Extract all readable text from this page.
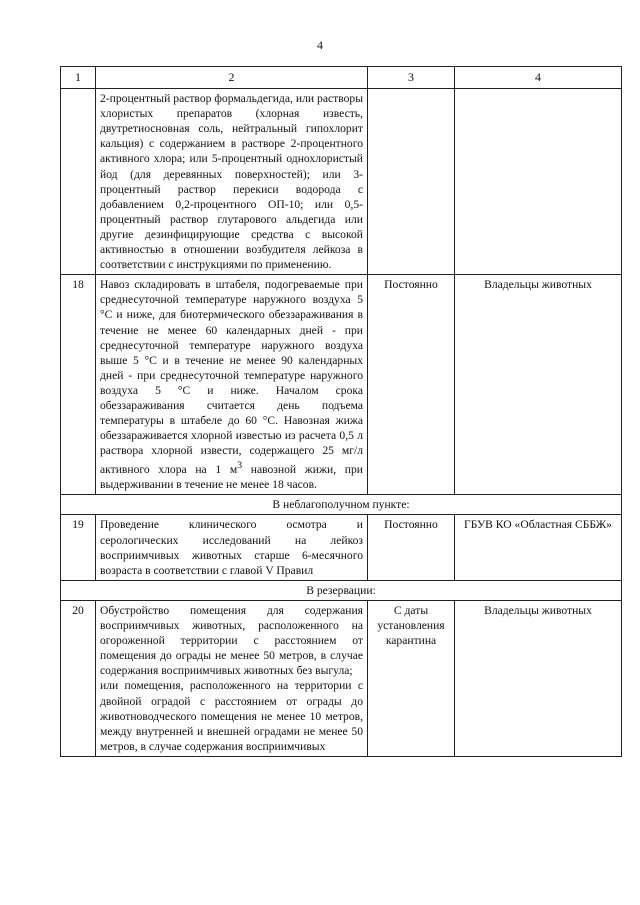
4
1	2	3	4
	2-процентный раствор формальдегида, или растворы хлористых препаратов (хлорная известь, двутретиосновная соль, нейтральный гипохлорит кальция) с содержанием в растворе 2-процентного активного хлора; или 5-процентный однохлористый йод (для деревянных поверхностей); или 3-процентный раствор перекиси водорода с добавлением 0,2-процентного ОП-10; или 0,5-процентный раствор глутарового альдегида или другие дезинфицирующие средства с высокой активностью в отношении возбудителя лейкоза в соответствии с инструкциями по применению.		
18	Навоз складировать в штабеля, подогреваемые при среднесуточной температуре наружного воздуха 5 °С и ниже, для биотермического обеззараживания в течение не менее 60 календарных дней - при среднесуточной температуре наружного воздуха выше 5 °С и в течение не менее 90 календарных дней - при среднесуточной температуре наружного воздуха 5 °С и ниже. Началом срока обеззараживания считается день подъема температуры в штабеле до 60 °С. Навозная жижа обеззараживается хлорной известью из расчета 0,5 л раствора хлорной извести, содержащего 25 мг/л активного хлора на 1 $м^3$ навозной жижи, при выдерживании в течение не менее 18 часов.	Постоянно	Владельцы животных
В неблагополучном пункте:			
19	Проведение клинического осмотра и серологических исследований на лейкоз восприимчивых животных старше 6-месячного возраста в соответствии с главой V Правил	Постоянно	ГБУВ КО «Областная СББЖ»
В резервации:			
20	Обустройство помещения для содержания восприимчивых животных, расположенного на огороженной территории с расстоянием от помещения до ограды не менее 50 метров, в случае содержания восприимчивых животных без выгула;
или помещения, расположенного на территории с двойной оградой с расстоянием от ограды до животноводческого помещения не менее 10 метров, между внутренней и внешней оградами не менее 50 метров, в случае содержания восприимчивых	С даты установления карантина	Владельцы животных
